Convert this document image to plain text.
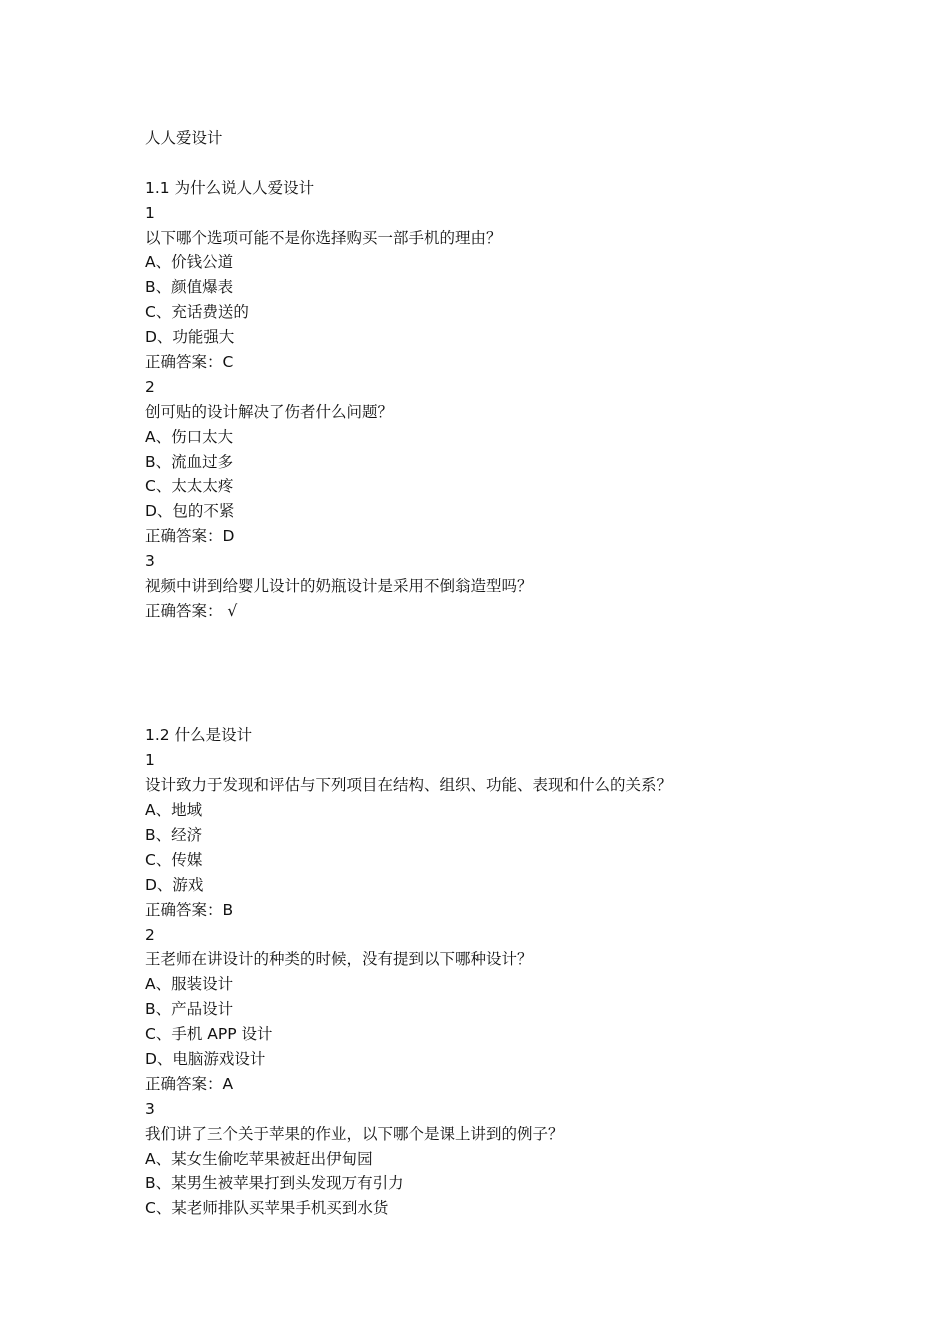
人人爱设计
1.1 为什么说人人爱设计
1
以下哪个选项可能不是你选择购买一部手机的理由？
A、价钱公道
B、颜值爆表
C、充话费送的
D、功能强大
正确答案：C
2
创可贴的设计解决了伤者什么问题？
A、伤口太大
B、流血过多
C、太太太疼
D、包的不紧
正确答案：D
3
视频中讲到给婴儿设计的奶瓶设计是采用不倒翁造型吗？
正确答案： √
1.2 什么是设计
1
设计致力于发现和评估与下列项目在结构、组织、功能、表现和什么的关系？
A、地域
B、经济
C、传媒
D、游戏
正确答案：B
2
王老师在讲设计的种类的时候，没有提到以下哪种设计？
A、服装设计
B、产品设计
C、手机 APP 设计
D、电脑游戏设计
正确答案：A
3
我们讲了三个关于苹果的作业，以下哪个是课上讲到的例子？
A、某女生偷吃苹果被赶出伊甸园
B、某男生被苹果打到头发现万有引力
C、某老师排队买苹果手机买到水货
